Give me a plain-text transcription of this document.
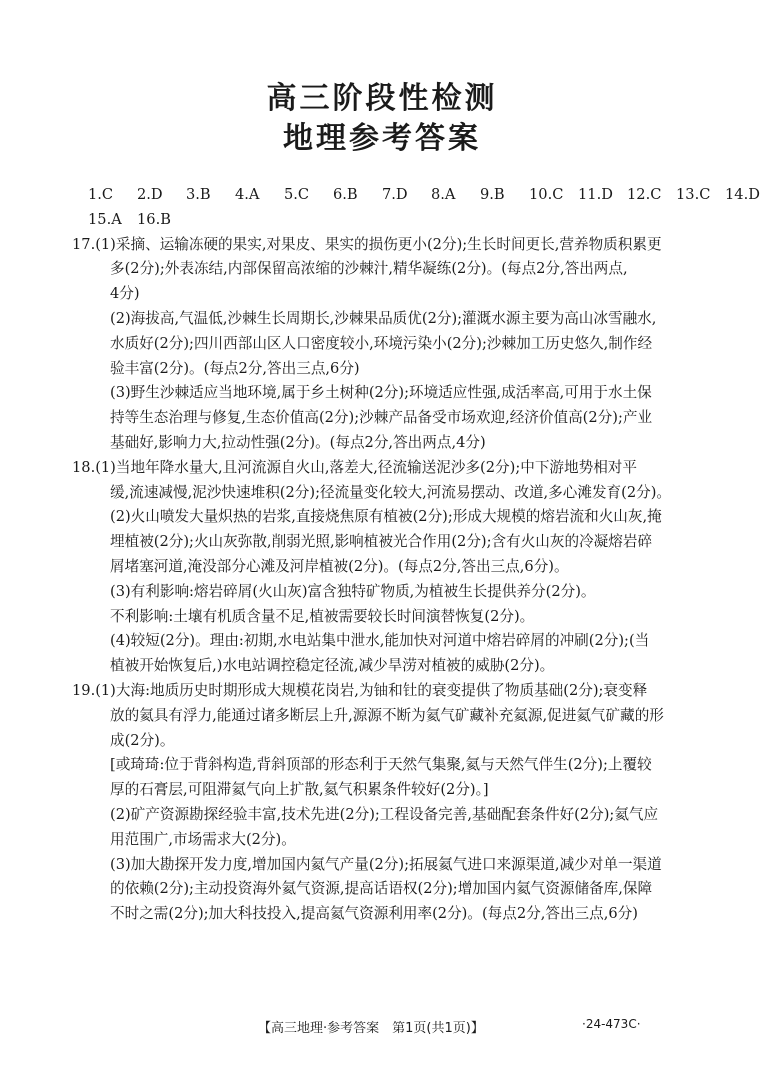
高三阶段性检测
地理参考答案
1.C 2.D 3.B 4.A 5.C 6.B 7.D 8.A 9.B 10.C 11.D 12.C 13.C 14.D
15.A 16.B
17.(1)采摘、运输冻硬的果实,对果皮、果实的损伤更小(2分);生长时间更长,营养物质积累更
多(2分);外表冻结,内部保留高浓缩的沙棘汁,精华凝练(2分)。(每点2分,答出两点,
4分)
(2)海拔高,气温低,沙棘生长周期长,沙棘果品质优(2分);灌溉水源主要为高山冰雪融水,
水质好(2分);四川西部山区人口密度较小,环境污染小(2分);沙棘加工历史悠久,制作经
验丰富(2分)。(每点2分,答出三点,6分)
(3)野生沙棘适应当地环境,属于乡土树种(2分);环境适应性强,成活率高,可用于水土保
持等生态治理与修复,生态价值高(2分);沙棘产品备受市场欢迎,经济价值高(2分);产业
基础好,影响力大,拉动性强(2分)。(每点2分,答出两点,4分)
18.(1)当地年降水量大,且河流源自火山,落差大,径流输送泥沙多(2分);中下游地势相对平
缓,流速减慢,泥沙快速堆积(2分);径流量变化较大,河流易摆动、改道,多心滩发育(2分)。
(2)火山喷发大量炽热的岩浆,直接烧焦原有植被(2分);形成大规模的熔岩流和火山灰,掩
埋植被(2分);火山灰弥散,削弱光照,影响植被光合作用(2分);含有火山灰的冷凝熔岩碎
屑堵塞河道,淹没部分心滩及河岸植被(2分)。(每点2分,答出三点,6分)。
(3)有利影响:熔岩碎屑(火山灰)富含独特矿物质,为植被生长提供养分(2分)。
不利影响:土壤有机质含量不足,植被需要较长时间演替恢复(2分)。
(4)较短(2分)。理由:初期,水电站集中泄水,能加快对河道中熔岩碎屑的冲刷(2分);(当
植被开始恢复后,)水电站调控稳定径流,减少旱涝对植被的威胁(2分)。
19.(1)大海:地质历史时期形成大规模花岗岩,为铀和钍的衰变提供了物质基础(2分);衰变释
放的氦具有浮力,能通过诸多断层上升,源源不断为氦气矿藏补充氦源,促进氦气矿藏的形
成(2分)。
[或琦琦:位于背斜构造,背斜顶部的形态利于天然气集聚,氦与天然气伴生(2分);上覆较
厚的石膏层,可阻滞氦气向上扩散,氦气积累条件较好(2分)。]
(2)矿产资源勘探经验丰富,技术先进(2分);工程设备完善,基础配套条件好(2分);氦气应
用范围广,市场需求大(2分)。
(3)加大勘探开发力度,增加国内氦气产量(2分);拓展氦气进口来源渠道,减少对单一渠道
的依赖(2分);主动投资海外氦气资源,提高话语权(2分);增加国内氦气资源储备库,保障
不时之需(2分);加大科技投入,提高氦气资源利用率(2分)。(每点2分,答出三点,6分)
【高三地理·参考答案　第1页(共1页)】	·24-473C·
